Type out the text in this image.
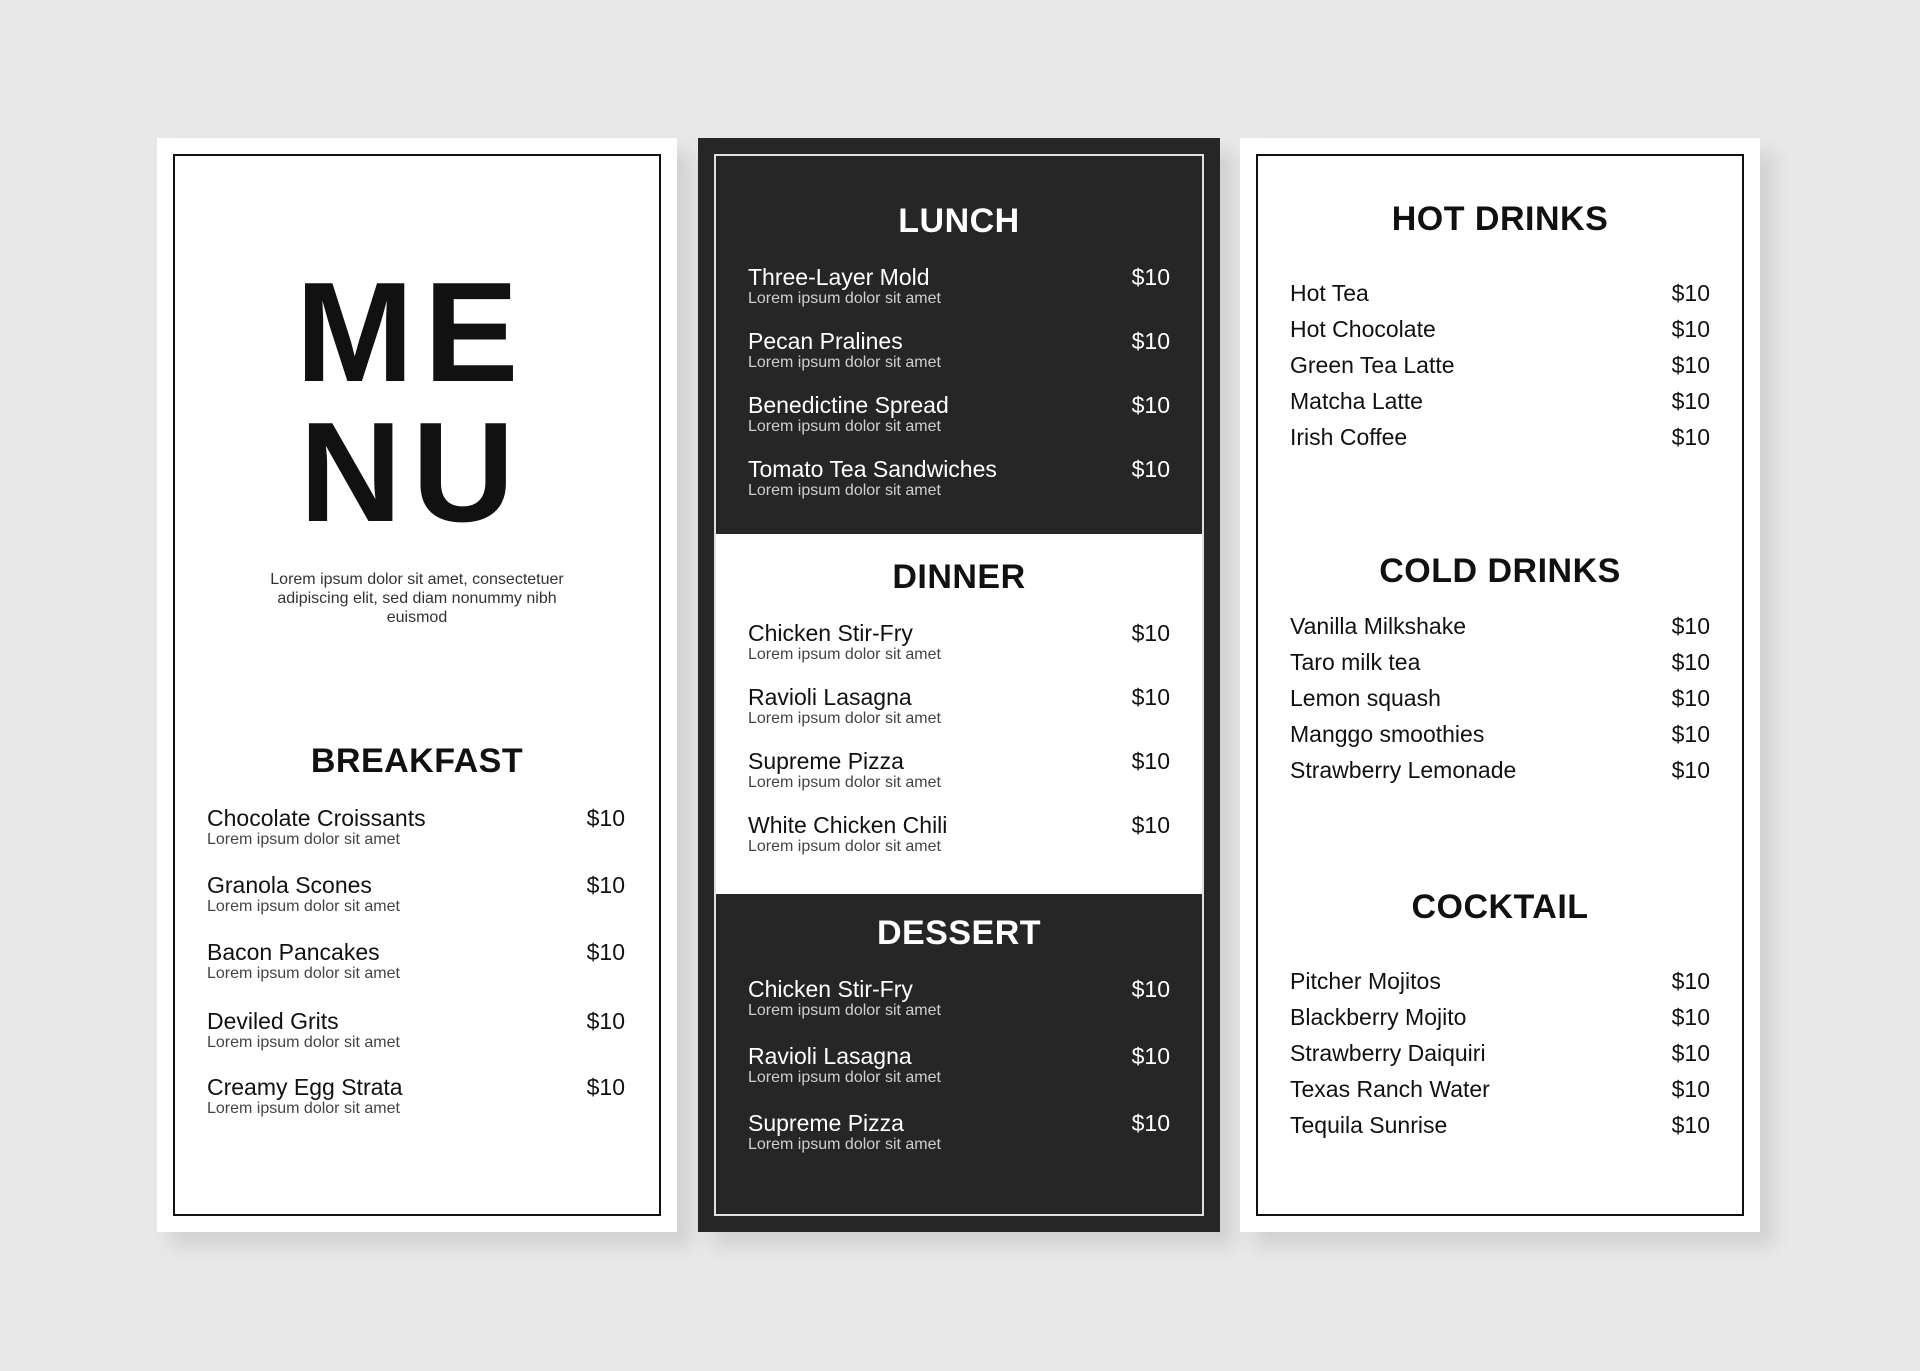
ME
NU
Lorem ipsum dolor sit amet, consectetuer adipiscing elit, sed diam nonummy nibh euismod
BREAKFAST
Chocolate Croissants	$10
Lorem ipsum dolor sit amet
Granola Scones	$10
Lorem ipsum dolor sit amet
Bacon Pancakes	$10
Lorem ipsum dolor sit amet
Deviled Grits	$10
Lorem ipsum dolor sit amet
Creamy Egg Strata	$10
Lorem ipsum dolor sit amet
LUNCH
Three-Layer Mold	$10
Lorem ipsum dolor sit amet
Pecan Pralines	$10
Lorem ipsum dolor sit amet
Benedictine Spread	$10
Lorem ipsum dolor sit amet
Tomato Tea Sandwiches	$10
Lorem ipsum dolor sit amet
DINNER
Chicken Stir-Fry	$10
Lorem ipsum dolor sit amet
Ravioli Lasagna	$10
Lorem ipsum dolor sit amet
Supreme Pizza	$10
Lorem ipsum dolor sit amet
White Chicken Chili	$10
Lorem ipsum dolor sit amet
DESSERT
Chicken Stir-Fry	$10
Lorem ipsum dolor sit amet
Ravioli Lasagna	$10
Lorem ipsum dolor sit amet
Supreme Pizza	$10
Lorem ipsum dolor sit amet
HOT DRINKS
Hot Tea	$10
Hot Chocolate	$10
Green Tea Latte	$10
Matcha Latte	$10
Irish Coffee	$10
COLD DRINKS
Vanilla Milkshake	$10
Taro milk tea	$10
Lemon squash	$10
Manggo smoothies	$10
Strawberry Lemonade	$10
COCKTAIL
Pitcher Mojitos	$10
Blackberry Mojito	$10
Strawberry Daiquiri	$10
Texas Ranch Water	$10
Tequila Sunrise	$10
